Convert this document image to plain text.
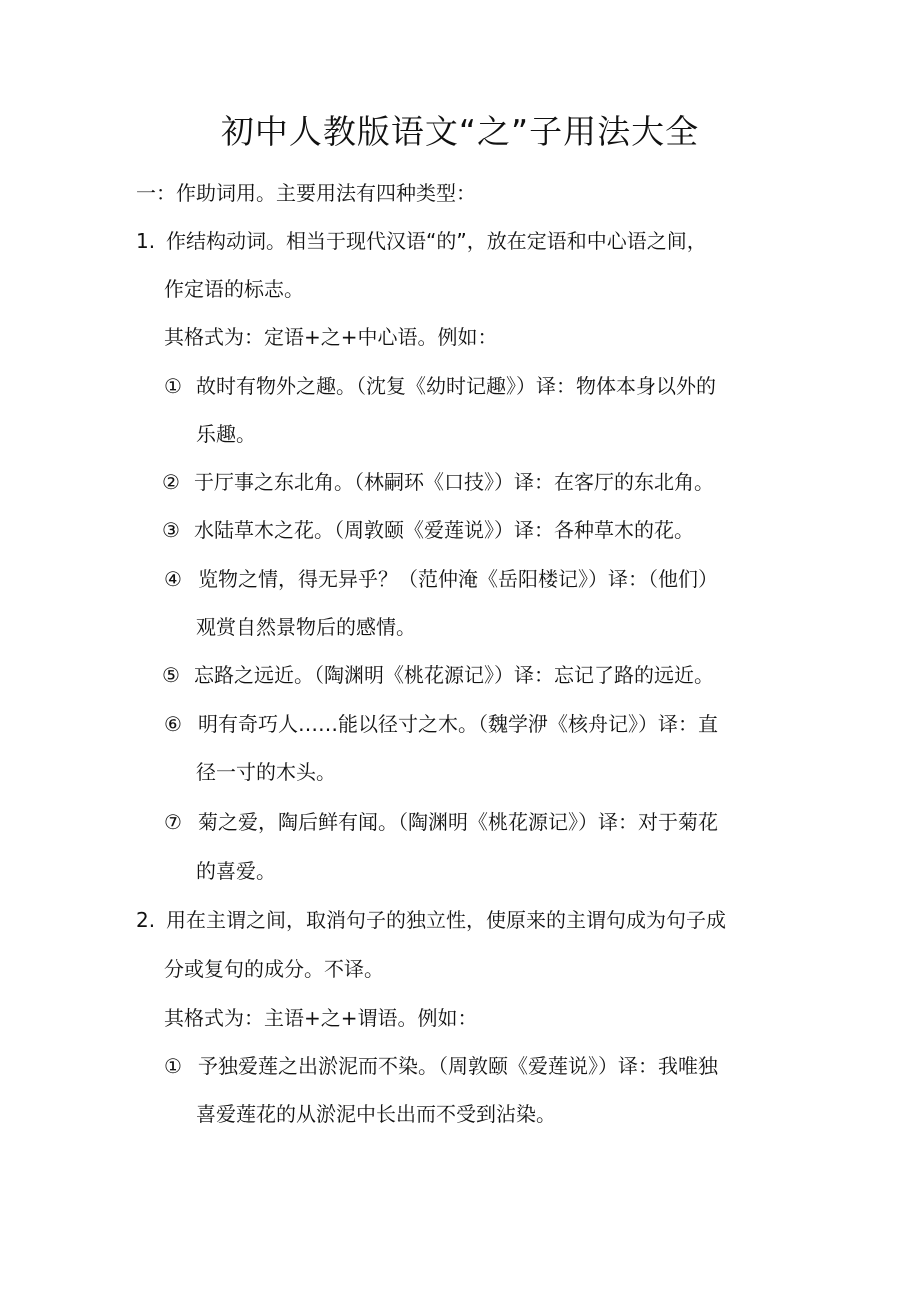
初中人教版语文“之”子用法大全
一：作助词用。主要用法有四种类型：
1. 作结构动词。相当于现代汉语“的”，放在定语和中心语之间，
作定语的标志。
其格式为：定语+之+中心语。例如：
① 故时有物外之趣。（沈复《幼时记趣》）译：物体本身以外的
乐趣。
② 于厅事之东北角。（林嗣环《口技》）译：在客厅的东北角。
③ 水陆草木之花。（周敦颐《爱莲说》）译：各种草木的花。
④ 览物之情，得无异乎？（范仲淹《岳阳楼记》）译：（他们）
观赏自然景物后的感情。
⑤ 忘路之远近。（陶渊明《桃花源记》）译：忘记了路的远近。
⑥ 明有奇巧人……能以径寸之木。（魏学洢《核舟记》）译：直
径一寸的木头。
⑦ 菊之爱，陶后鲜有闻。（陶渊明《桃花源记》）译：对于菊花
的喜爱。
2. 用在主谓之间，取消句子的独立性，使原来的主谓句成为句子成
分或复句的成分。不译。
其格式为：主语+之+谓语。例如：
① 予独爱莲之出淤泥而不染。（周敦颐《爱莲说》）译：我唯独
喜爱莲花的从淤泥中长出而不受到沾染。
